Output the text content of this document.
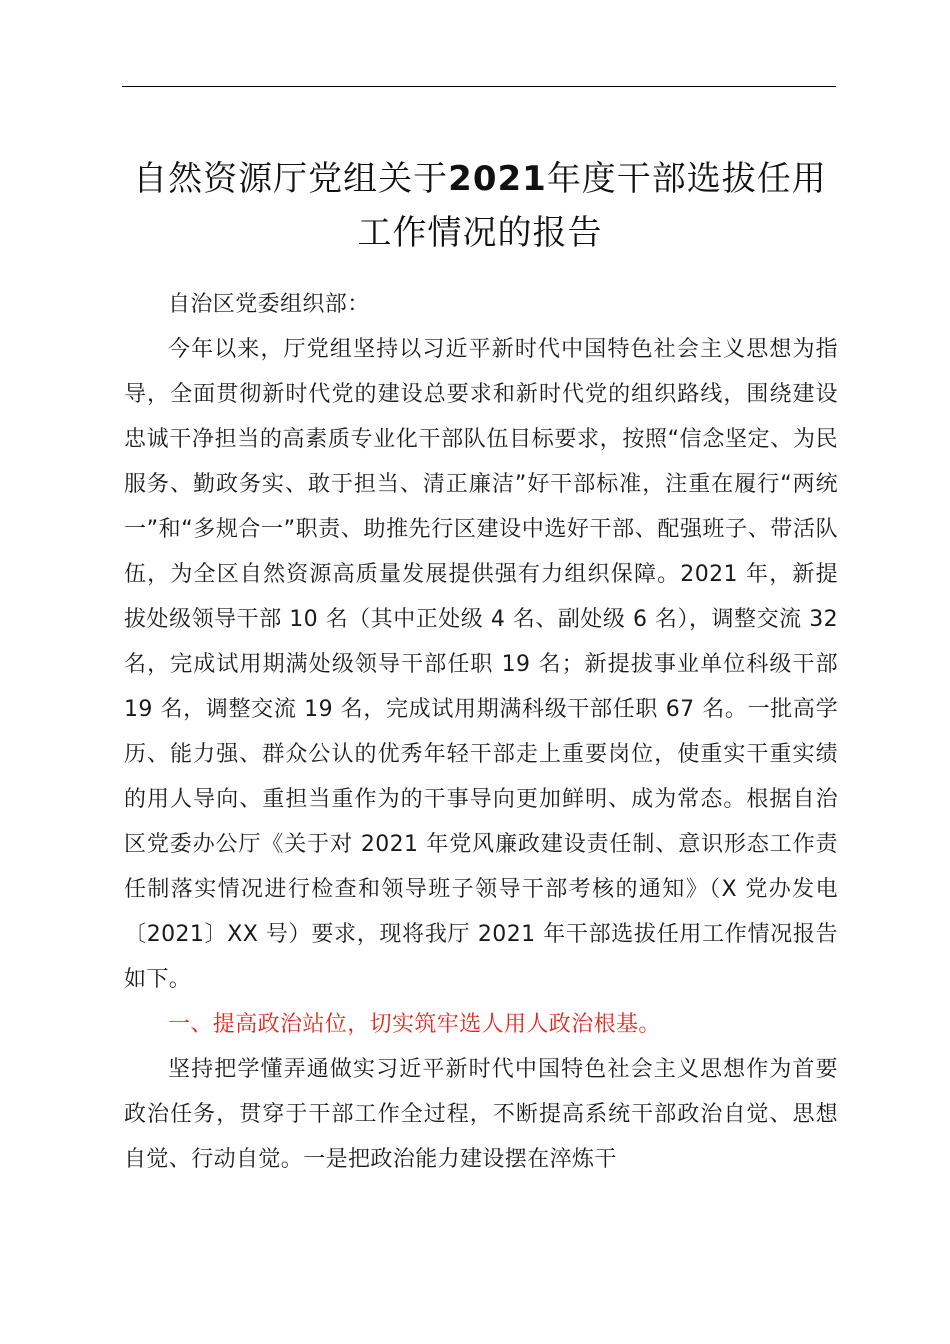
自然资源厅党组关于2021年度干部选拔任用
工作情况的报告

自治区党委组织部：

今年以来，厅党组坚持以习近平新时代中国特色社会主义思想为指导，全面贯彻新时代党的建设总要求和新时代党的组织路线，围绕建设忠诚干净担当的高素质专业化干部队伍目标要求，按照“信念坚定、为民服务、勤政务实、敢于担当、清正廉洁”好干部标准，注重在履行“两统一”和“多规合一”职责、助推先行区建设中选好干部、配强班子、带活队伍，为全区自然资源高质量发展提供强有力组织保障。2021 年，新提拔处级领导干部 10 名（其中正处级 4 名、副处级 6 名），调整交流 32 名，完成试用期满处级领导干部任职 19 名；新提拔事业单位科级干部 19 名，调整交流 19 名，完成试用期满科级干部任职 67 名。一批高学历、能力强、群众公认的优秀年轻干部走上重要岗位，使重实干重实绩的用人导向、重担当重作为的干事导向更加鲜明、成为常态。根据自治区党委办公厅《关于对 2021 年党风廉政建设责任制、意识形态工作责任制落实情况进行检查和领导班子领导干部考核的通知》（X 党办发电〔2021〕XX 号）要求，现将我厅 2021 年干部选拔任用工作情况报告如下。

一、提高政治站位，切实筑牢选人用人政治根基。

坚持把学懂弄通做实习近平新时代中国特色社会主义思想作为首要政治任务，贯穿于干部工作全过程，不断提高系统干部政治自觉、思想自觉、行动自觉。一是把政治能力建设摆在淬炼干
